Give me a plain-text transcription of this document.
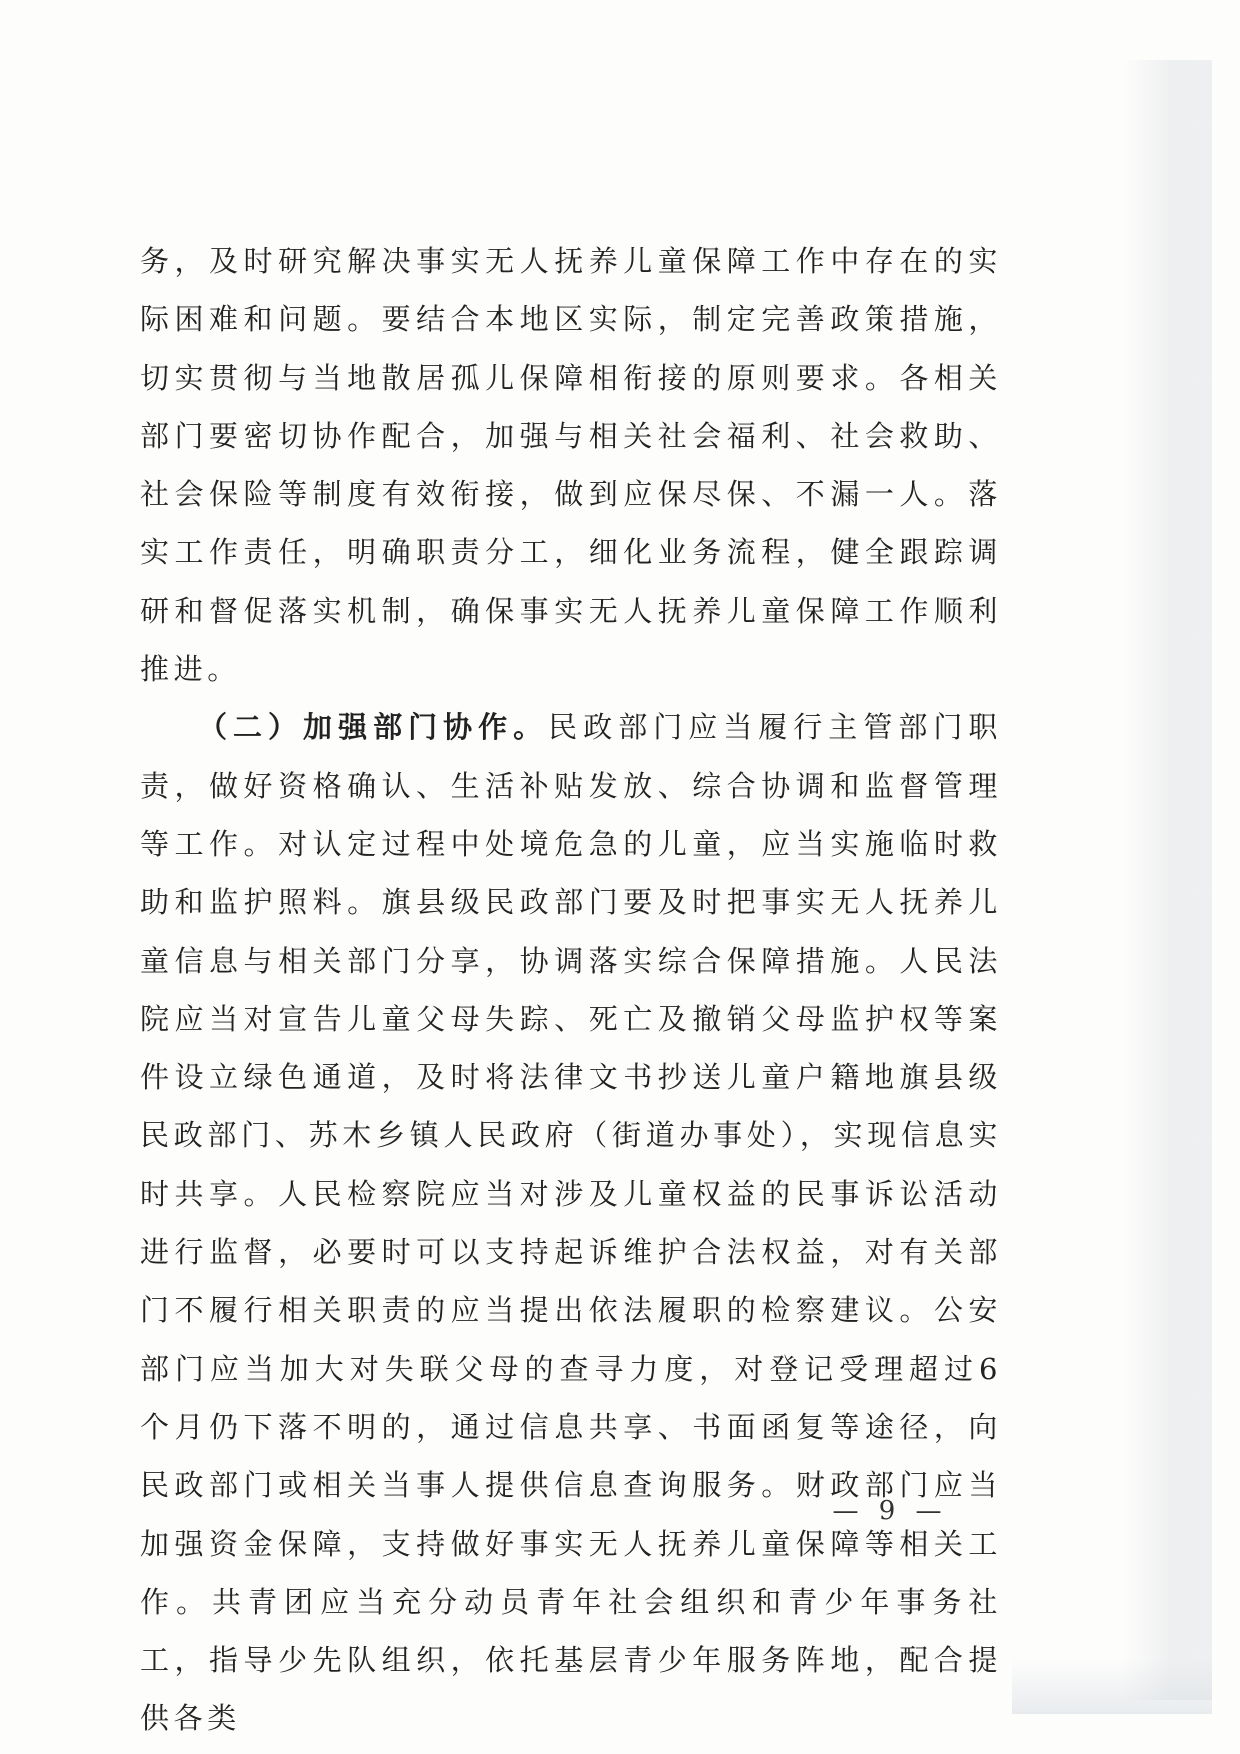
务，及时研究解决事实无人抚养儿童保障工作中存在的实际困难和问题。要结合本地区实际，制定完善政策措施，切实贯彻与当地散居孤儿保障相衔接的原则要求。各相关部门要密切协作配合，加强与相关社会福利、社会救助、社会保险等制度有效衔接，做到应保尽保、不漏一人。落实工作责任，明确职责分工，细化业务流程，健全跟踪调研和督促落实机制，确保事实无人抚养儿童保障工作顺利推进。

（二）加强部门协作。民政部门应当履行主管部门职责，做好资格确认、生活补贴发放、综合协调和监督管理等工作。对认定过程中处境危急的儿童，应当实施临时救助和监护照料。旗县级民政部门要及时把事实无人抚养儿童信息与相关部门分享，协调落实综合保障措施。人民法院应当对宣告儿童父母失踪、死亡及撤销父母监护权等案件设立绿色通道，及时将法律文书抄送儿童户籍地旗县级民政部门、苏木乡镇人民政府（街道办事处），实现信息实时共享。人民检察院应当对涉及儿童权益的民事诉讼活动进行监督，必要时可以支持起诉维护合法权益，对有关部门不履行相关职责的应当提出依法履职的检察建议。公安部门应当加大对失联父母的查寻力度，对登记受理超过6个月仍下落不明的，通过信息共享、书面函复等途径，向民政部门或相关当事人提供信息查询服务。财政部门应当加强资金保障，支持做好事实无人抚养儿童保障等相关工作。共青团应当充分动员青年社会组织和青少年事务社工，指导少先队组织，依托基层青少年服务阵地，配合提供各类

— 9 —
